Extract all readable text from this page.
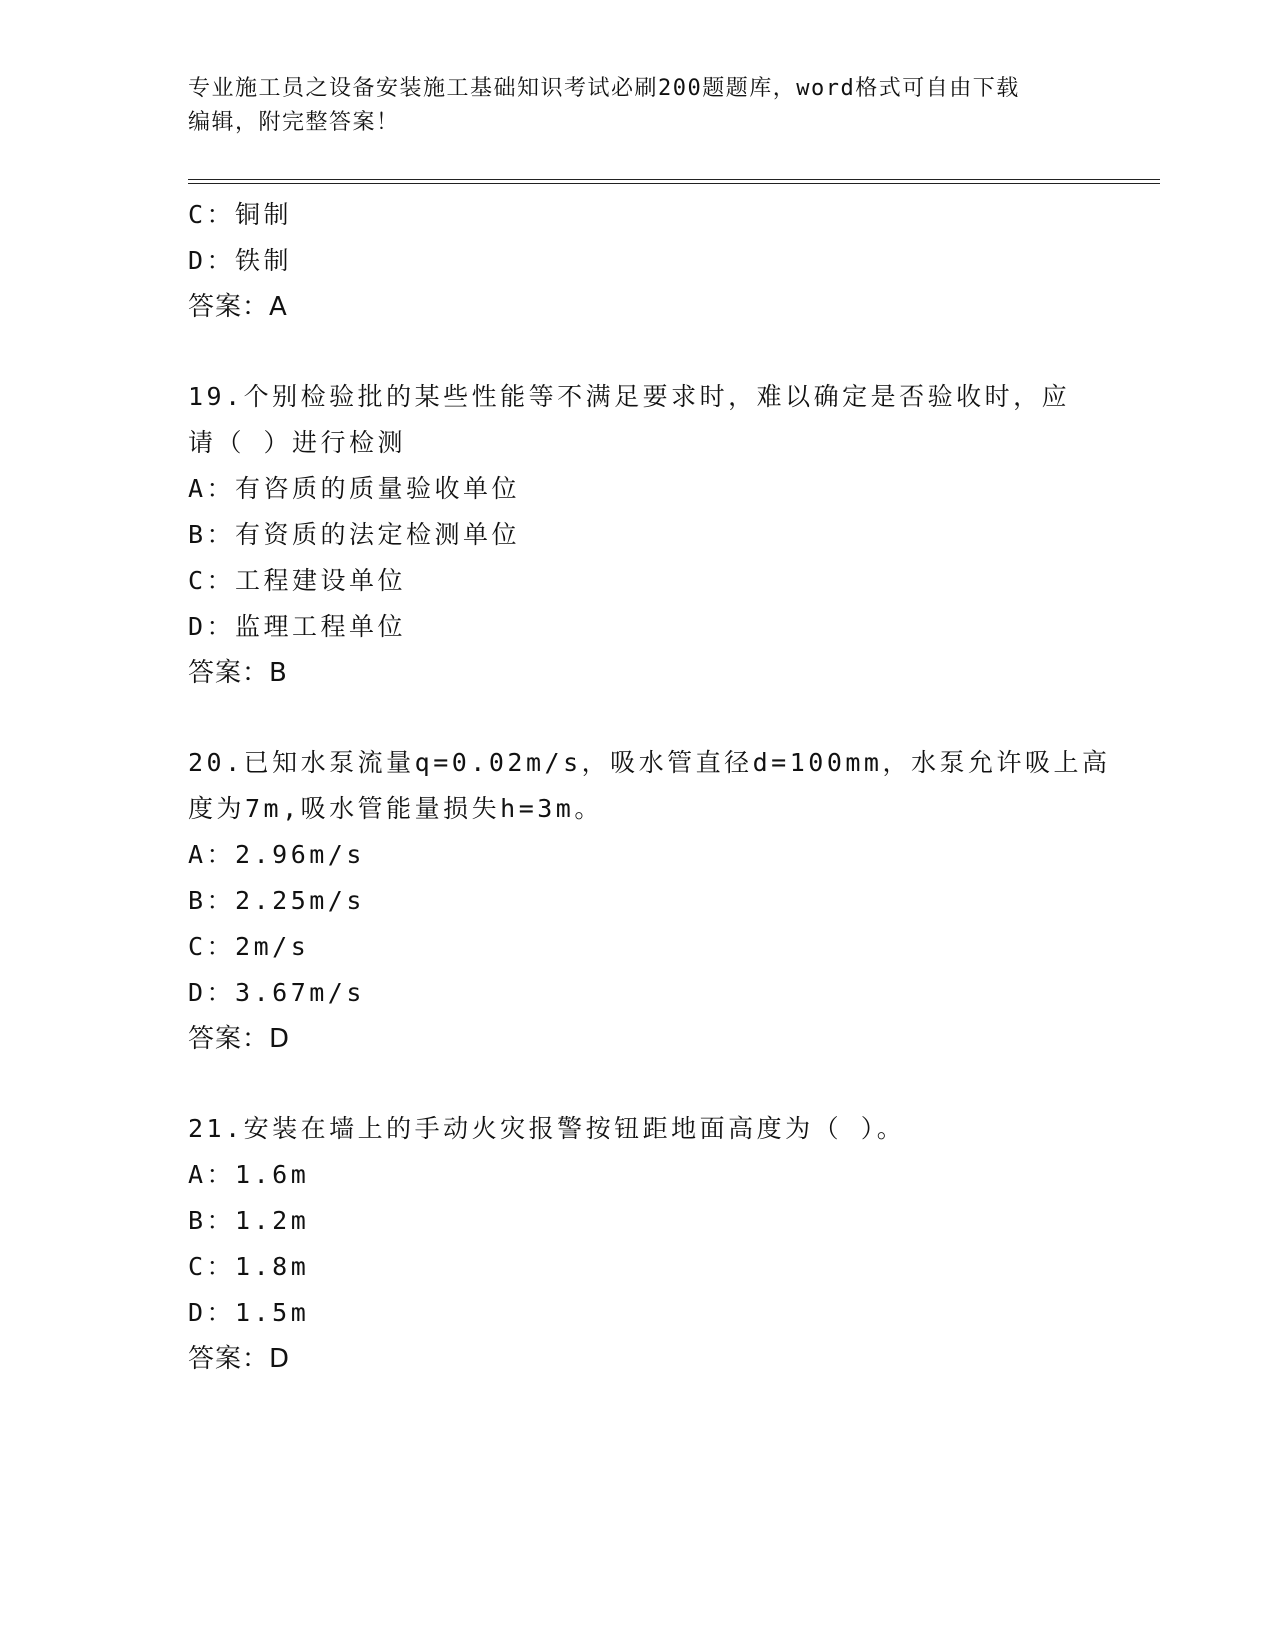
专业施工员之设备安装施工基础知识考试必刷200题题库，word格式可自由下载
编辑，附完整答案！
C：铜制
D：铁制
答案：A
19.个别检验批的某些性能等不满足要求时，难以确定是否验收时，应
请（ ）进行检测
A：有咨质的质量验收单位
B：有资质的法定检测单位
C：工程建设单位
D：监理工程单位
答案：B
20.已知水泵流量q=0.02m/s，吸水管直径d=100mm，水泵允许吸上高
度为7m,吸水管能量损失h=3m。
A：2.96m/s
B：2.25m/s
C：2m/s
D：3.67m/s
答案：D
21.安装在墙上的手动火灾报警按钮距地面高度为（ ）。
A：1.6m
B：1.2m
C：1.8m
D：1.5m
答案：D
